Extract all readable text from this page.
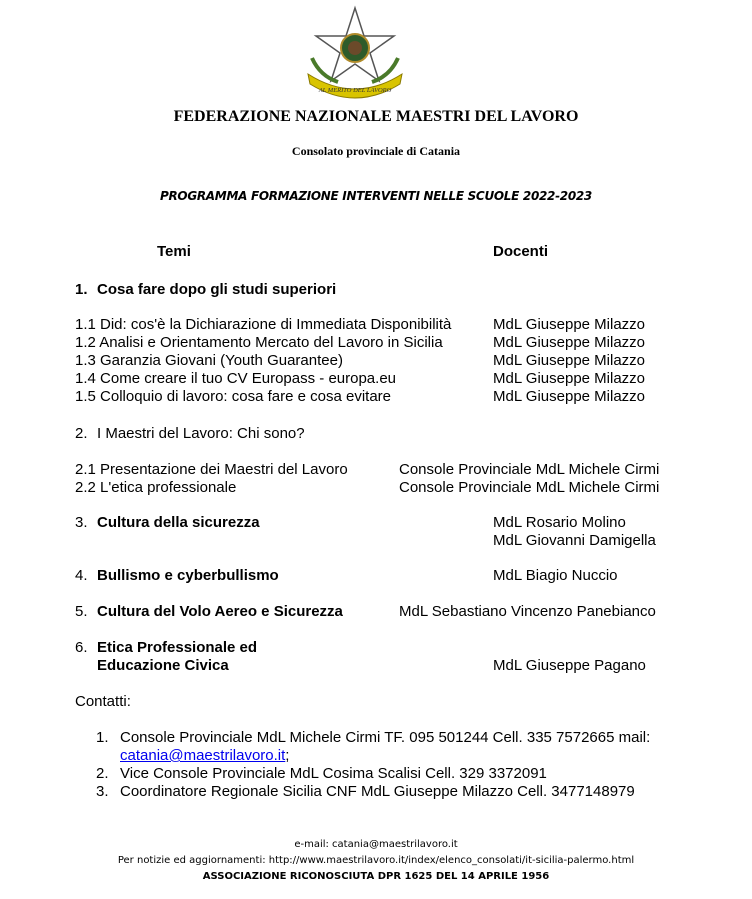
AL MERITO DEL LAVORO
FEDERAZIONE NAZIONALE MAESTRI DEL LAVORO
Consolato provinciale di Catania
PROGRAMMA FORMAZIONE INTERVENTI NELLE SCUOLE 2022-2023
Temi	Docenti
1. Cosa fare dopo gli studi superiori
1.1 Did: cos'è la Dichiarazione di Immediata Disponibilità	MdL Giuseppe Milazzo
1.2 Analisi e Orientamento Mercato del Lavoro in Sicilia	MdL Giuseppe Milazzo
1.3 Garanzia Giovani (Youth Guarantee)	MdL Giuseppe Milazzo
1.4 Come creare il tuo CV Europass - europa.eu	MdL Giuseppe Milazzo
1.5 Colloquio di lavoro: cosa fare e cosa evitare	MdL Giuseppe Milazzo
2. I Maestri del Lavoro: Chi sono?
2.1 Presentazione dei Maestri del Lavoro	Console Provinciale MdL Michele Cirmi
2.2 L'etica professionale	Console Provinciale MdL Michele Cirmi
3. Cultura della sicurezza	MdL Rosario Molino
MdL Giovanni Damigella
4. Bullismo e cyberbullismo	MdL Biagio Nuccio
5. Cultura del Volo Aereo e Sicurezza	MdL Sebastiano Vincenzo Panebianco
6. Etica Professionale ed
Educazione Civica	MdL Giuseppe Pagano
Contatti:
1. Console Provinciale MdL Michele Cirmi TF. 095 501244 Cell. 335 7572665 mail:
catania@maestrilavoro.it;
2. Vice Console Provinciale MdL Cosima Scalisi Cell. 329 3372091
3. Coordinatore Regionale Sicilia CNF MdL Giuseppe Milazzo Cell. 3477148979
e-mail: catania@maestrilavoro.it
Per notizie ed aggiornamenti: http://www.maestrilavoro.it/index/elenco_consolati/it-sicilia-palermo.html
ASSOCIAZIONE RICONOSCIUTA DPR 1625 DEL 14 APRILE 1956
